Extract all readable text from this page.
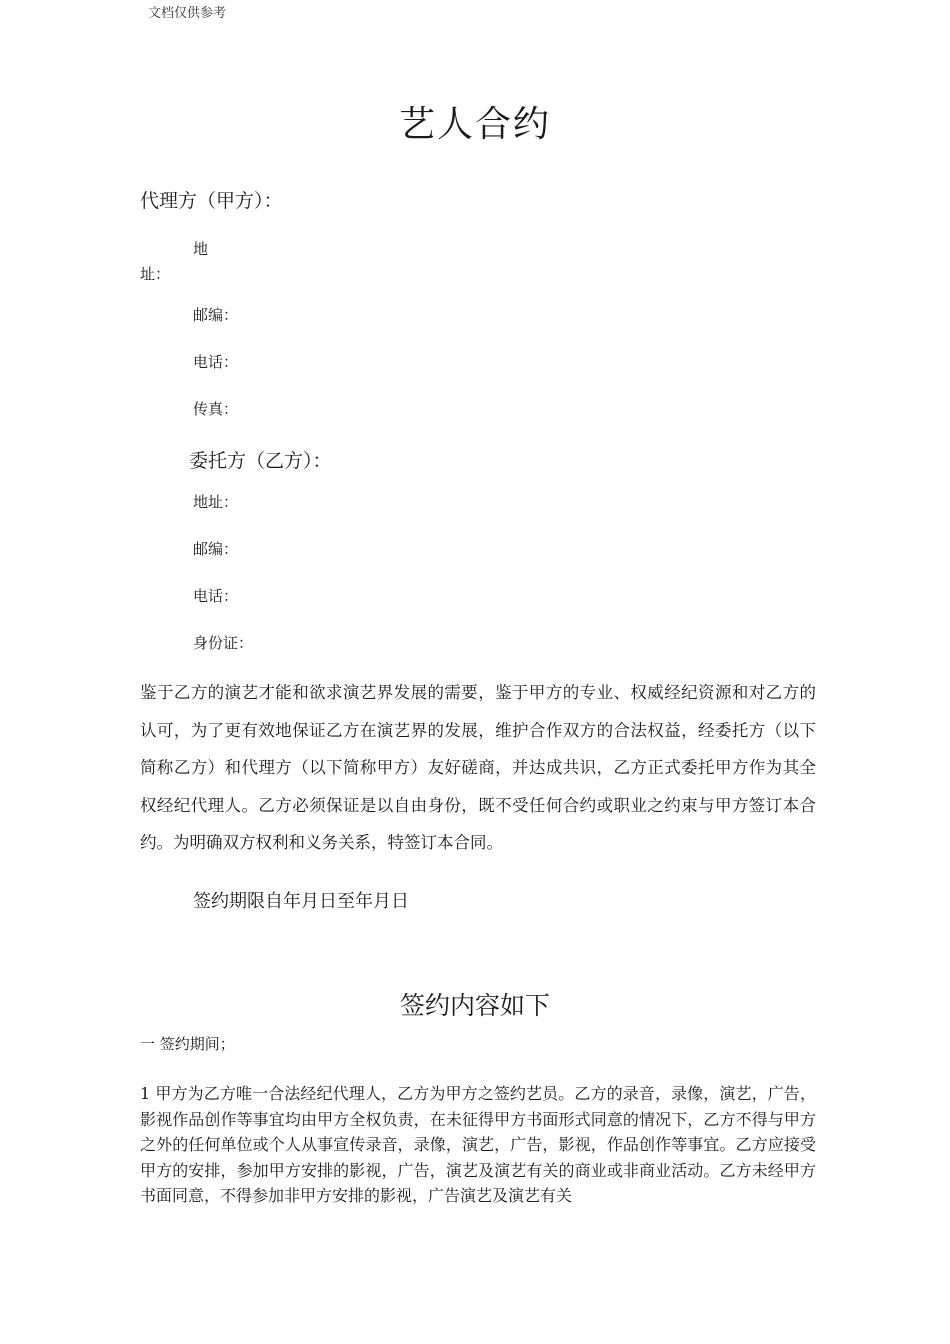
文档仅供参考
艺人合约
代理方（甲方）：
地
址：
邮编：
电话：
传真：
委托方（乙方）：
地址：
邮编：
电话：
身份证：
鉴于乙方的演艺才能和欲求演艺界发展的需要，鉴于甲方的专业、权威经纪资源和对乙方的认可，为了更有效地保证乙方在演艺界的发展，维护合作双方的合法权益，经委托方（以下简称乙方）和代理方（以下简称甲方）友好磋商，并达成共识，乙方正式委托甲方作为其全权经纪代理人。乙方必须保证是以自由身份，既不受任何合约或职业之约束与甲方签订本合约。为明确双方权利和义务关系，特签订本合同。
签约期限自年月日至年月日
签约内容如下
一 签约期间；
1 甲方为乙方唯一合法经纪代理人，乙方为甲方之签约艺员。乙方的录音，录像，演艺，广告，影视作品创作等事宜均由甲方全权负责，在未征得甲方书面形式同意的情况下，乙方不得与甲方之外的任何单位或个人从事宣传录音，录像，演艺，广告，影视，作品创作等事宜。乙方应接受甲方的安排，参加甲方安排的影视，广告，演艺及演艺有关的商业或非商业活动。乙方未经甲方书面同意，不得参加非甲方安排的影视，广告演艺及演艺有关
